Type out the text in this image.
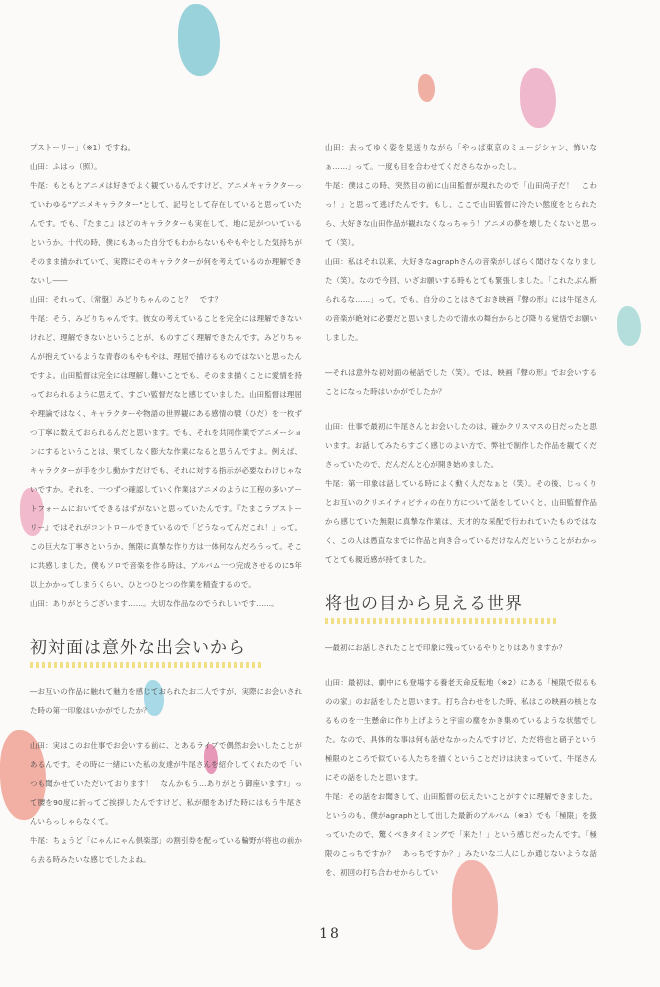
プストーリー」（※1）ですね。

山田：ふはっ（照）。

牛尾：もともとアニメは好きでよく観ているんですけど、アニメキャラクターっていわゆる"アニメキャラクター"として、記号として存在していると思っていたんです。でも、『たまこ』はどのキャラクターも実在して、地に足がついているというか。十代の時、僕にもあった自分でもわからないもやもやとした気持ちがそのまま描かれていて、実際にそのキャラクターが何を考えているのか理解できないし――

山田：それって、〔常盤〕みどりちゃんのこと？　です？

牛尾：そう、みどりちゃんです。彼女の考えていることを完全には理解できないけれど、理解できないということが、ものすごく理解できたんです。みどりちゃんが抱えているような青春のもやもやは、理屈で描けるものではないと思ったんですよ。山田監督は完全には理解し難いことでも、そのまま描くことに愛情を持っておられるように思えて、すごい監督だなと感じていました。山田監督は理屈や理論ではなく、キャラクターや物語の世界観にある感情の襞（ひだ）を一枚ずつ丁寧に数えておられるんだと思います。でも、それを共同作業でアニメーションにするということは、果てしなく膨大な作業になると思うんですよ。例えば、キャラクターが手を少し動かすだけでも、それに対する指示が必要なわけじゃないですか。それを、一つずつ確認していく作業はアニメのように工程の多いアートフォームにおいてできるはずがないと思っていたんです。『たまこラブストーリー』ではそれがコントロールできているので「どうなってんだこれ！」って。この巨大な丁寧さというか、無限に真摯な作り方は一体何なんだろうって。そこに共感しました。僕もソロで音楽を作る時は、アルバム一つ完成させるのに5年以上かかってしまうくらい、ひとつひとつの作業を精査するので。

山田：ありがとうございます……。大切な作品なのでうれしいです……。

初対面は意外な出会いから

―お互いの作品に触れて魅力を感じておられたお二人ですが、実際にお会いされた時の第一印象はいかがでしたか？

山田：実はこのお仕事でお会いする前に、とあるライブで偶然お会いしたことがあるんです。その時に一緒にいた私の友達が牛尾さんを紹介してくれたので「いつも聞かせていただいております！　なんかもう…ありがとう御座います!」って腰を90度に折ってご挨拶したんですけど、私が顔をあげた時にはもう牛尾さんいらっしゃらなくて。

牛尾：ちょうど「にゃんにゃん倶楽部」の割引券を配っている輪野が将也の前から去る時みたいな感じでしたよね。

山田：去ってゆく姿を見送りながら「やっぱ東京のミュージシャン、怖いなぁ……」って。一度も目を合わせてくださらなかったし。

牛尾：僕はこの時、突然目の前に山田監督が現れたので「山田尚子だ！　こわっ！」と思って逃げたんです。もし、ここで山田監督に冷たい態度をとられたら、大好きな山田作品が観れなくなっちゃう！アニメの夢を壊したくないと思って（笑）。

山田：私はそれ以来、大好きなagraphさんの音楽がしばらく聞けなくなりました（笑）。なので今回、いざお願いする時もとても緊張しました。「これたぶん断られるな……」って。でも、自分のことはさておき映画『聲の形』には牛尾さんの音楽が絶対に必要だと思いましたので清水の舞台からとび降りる覚悟でお願いしました。

―それは意外な初対面の秘話でした（笑）。では、映画『聲の形』でお会いすることになった時はいかがでしたか？

山田：仕事で最初に牛尾さんとお会いしたのは、確かクリスマスの日だったと思います。お話してみたらすごく感じのよい方で、弊社で制作した作品を観てくださっていたので、だんだんと心が開き始めました。

牛尾：第一印象は話している時によく動く人だなぁと（笑）。その後、じっくりとお互いのクリエイティビティの在り方について話をしていくと、山田監督作品から感じていた無限に真摯な作業は、天才的な采配で行われていたものではなく、この人は愚直なまでに作品と向き合っているだけなんだということがわかってとても親近感が持てました。

将也の目から見える世界

―最初にお話しされたことで印象に残っているやりとりはありますか？

山田：最初は、劇中にも登場する養老天命反転地（※2）にある「極限で似るものの家」のお話をしたと思います。打ち合わせをした時、私はこの映画の核となるものを一生懸命に作り上げようと宇宙の塵をかき集めているような状態でした。なので、具体的な事は何も話せなかったんですけど、ただ将也と硝子という極限のところで似ている人たちを描くということだけは決まっていて、牛尾さんにその話をしたと思います。

牛尾：その話をお聞きして、山田監督の伝えたいことがすぐに理解できました。というのも、僕がagraphとして出した最新のアルバム（※3）でも「極限」を扱っていたので、驚くべきタイミングで「来た！」という感じだったんです。「極限のこっちですか？　あっちですか？」みたいな二人にしか通じないような話を、初回の打ち合わせからしてい

18
